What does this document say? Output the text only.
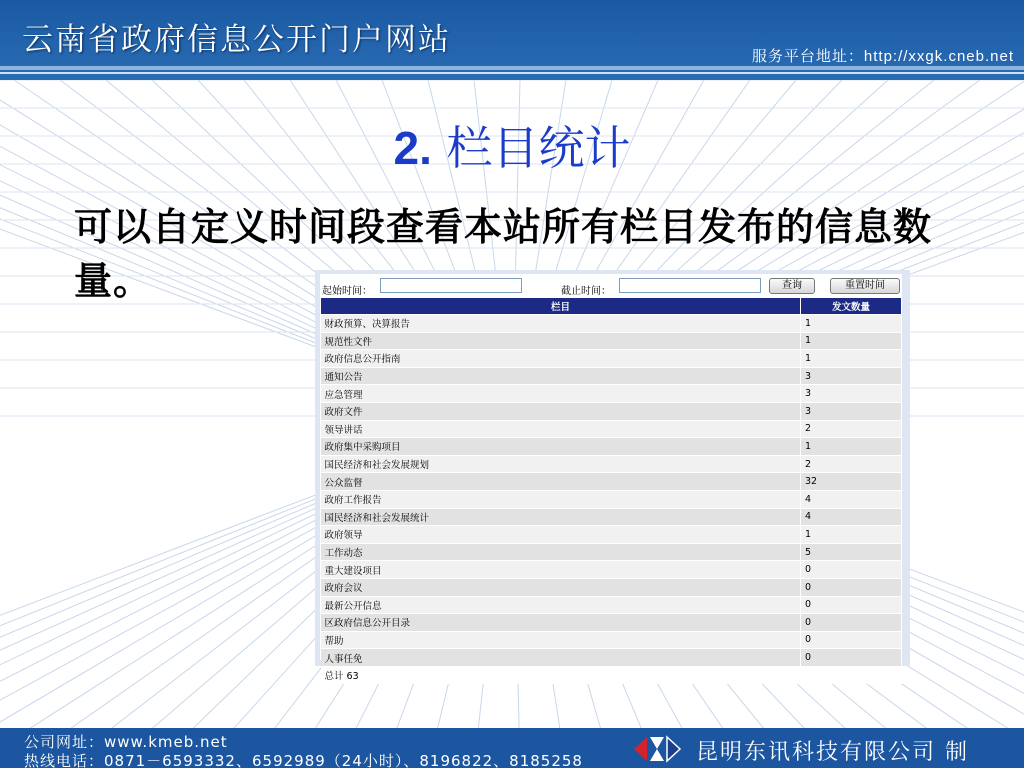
云南省政府信息公开门户网站	服务平台地址：http://xxgk.cneb.net
2. 栏目统计
可以自定义时间段查看本站所有栏目发布的信息数量。	起始时间：	截止时间：
查询	重置时间
栏目	发文数量
财政预算、决算报告	1
规范性文件	1
政府信息公开指南	1
通知公告	3
应急管理	3
政府文件	3
领导讲话	2
政府集中采购项目	1
国民经济和社会发展规划	2
公众监督	32
政府工作报告	4
国民经济和社会发展统计	4
政府领导	1
工作动态	5
重大建设项目	0
政府会议	0
最新公开信息	0
区政府信息公开目录	0
帮助	0
人事任免	0
总计 63	
公司网址：www.kmeb.net
热线电话：0871－6593332、6592989（24小时）、8196822、8185258	昆明东讯科技有限公司 制
